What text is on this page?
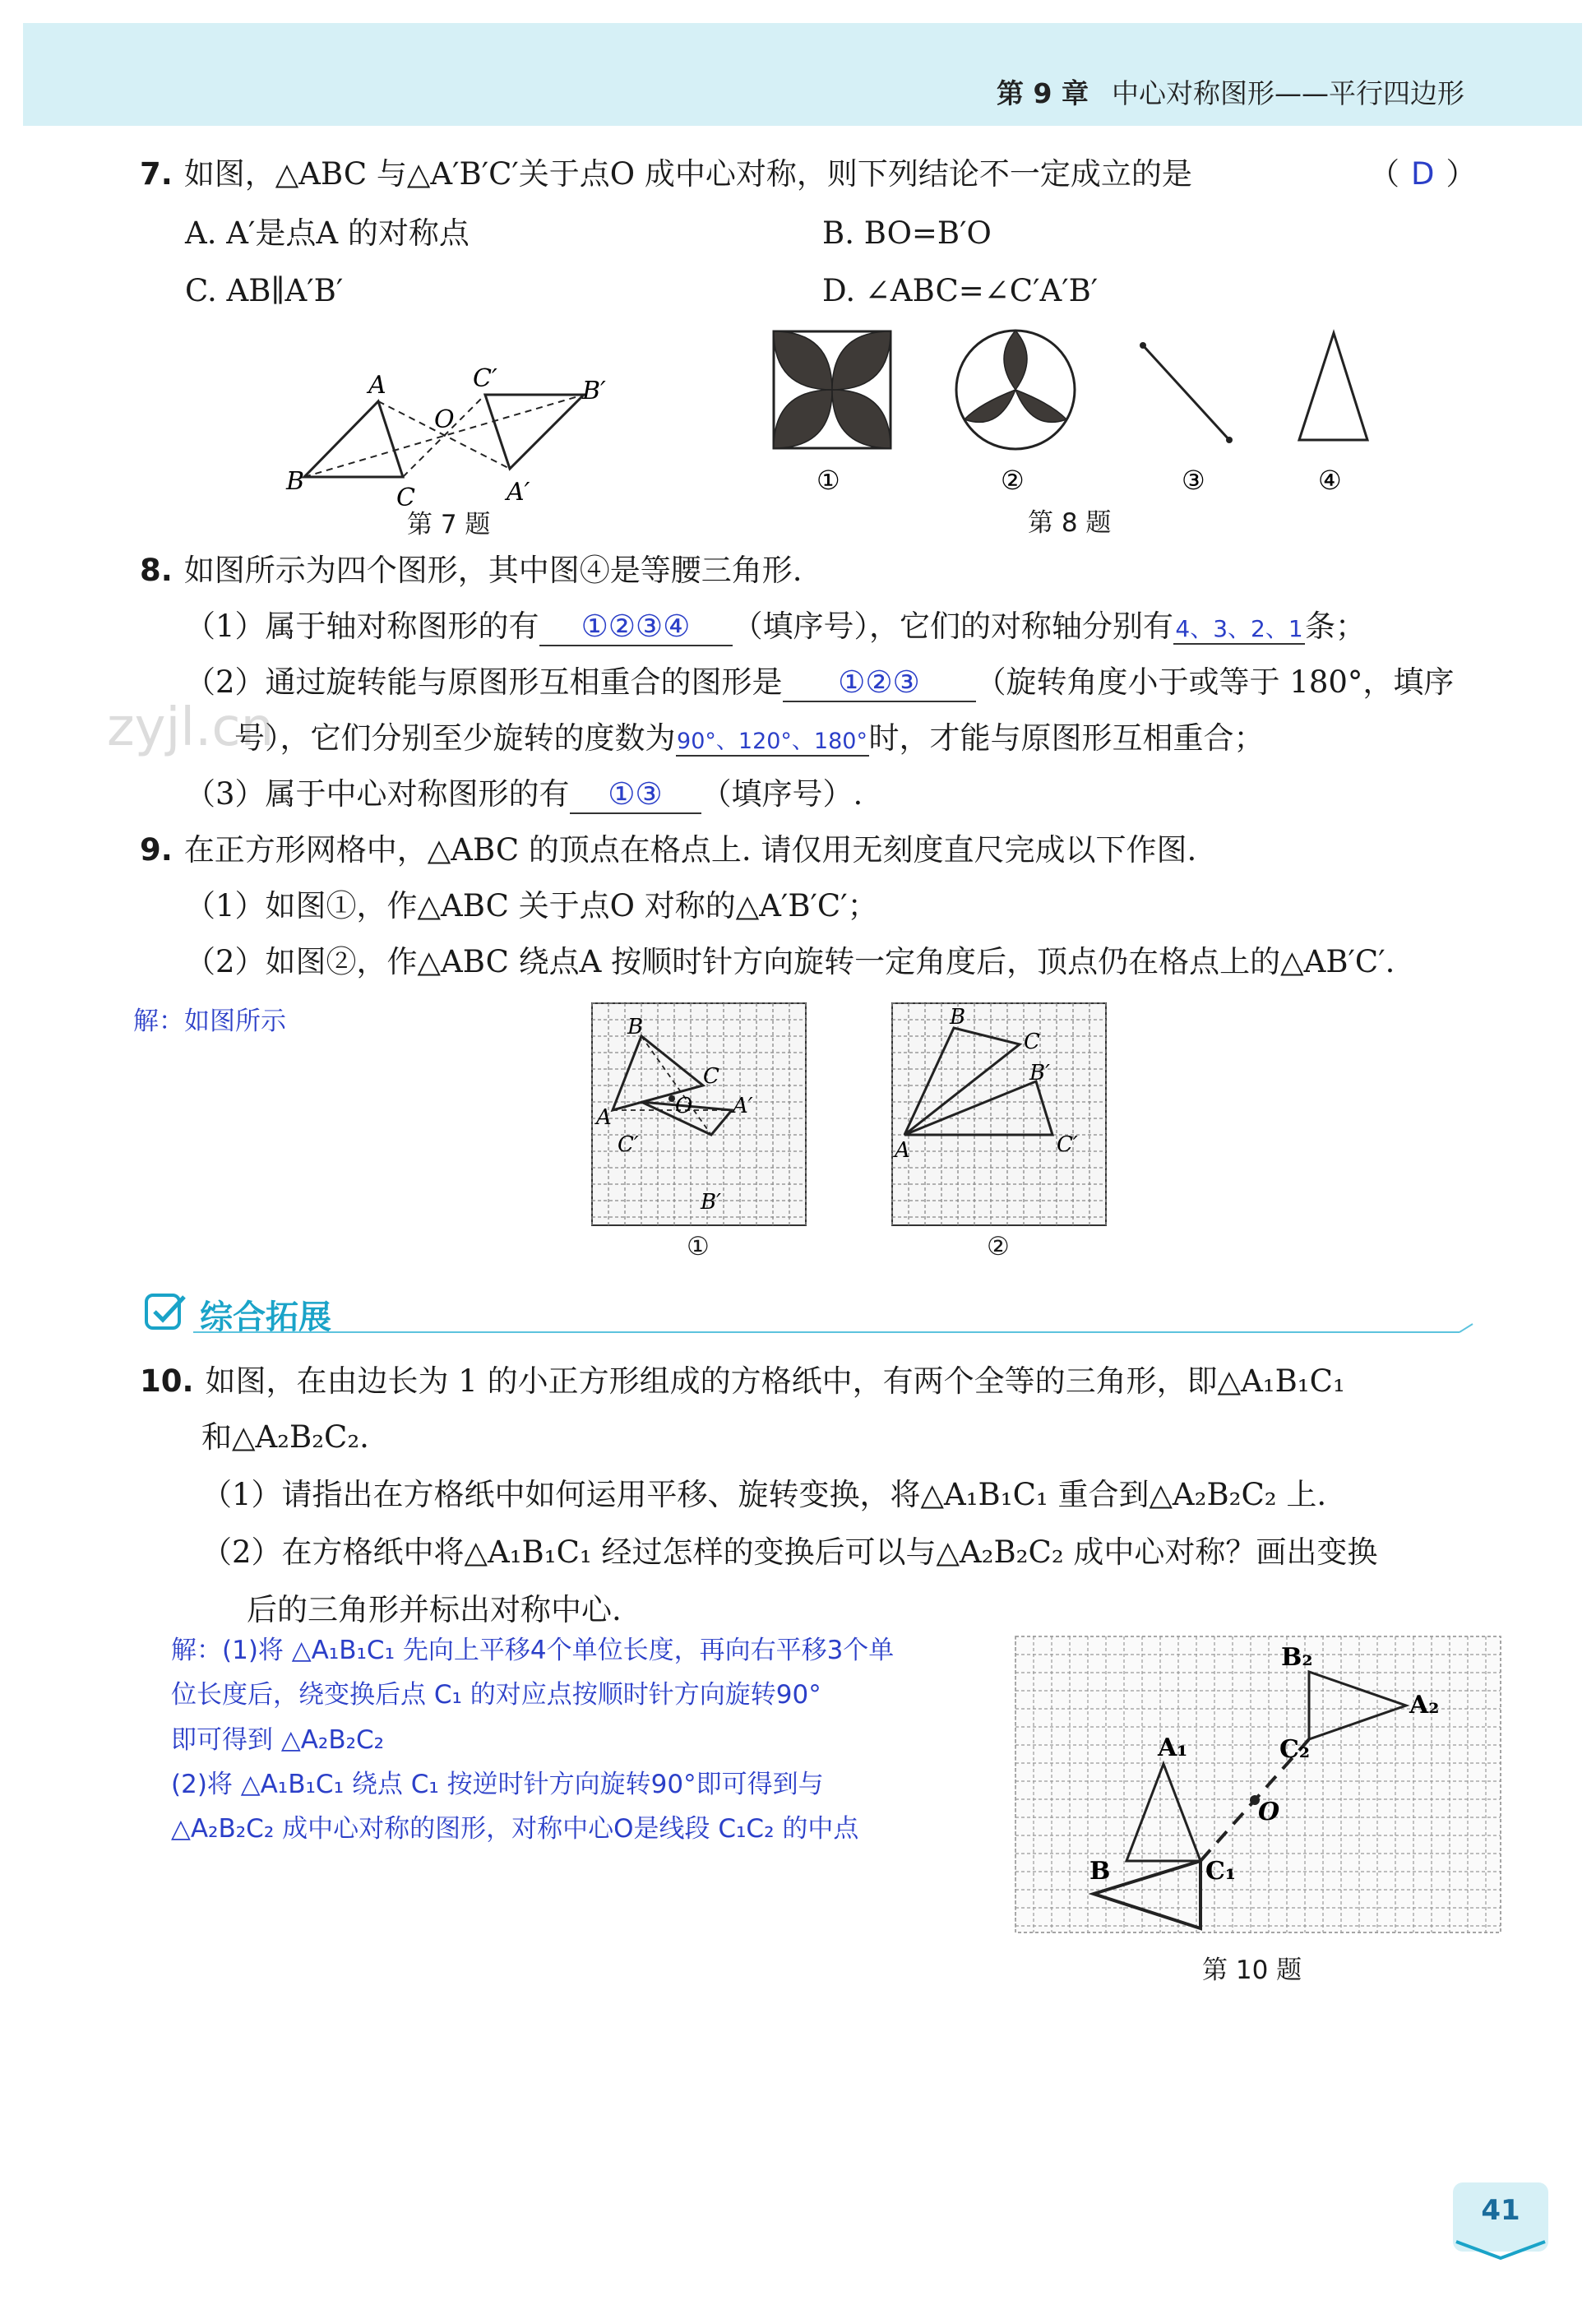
第 9 章 中心对称图形——平行四边形
7. 如图，△ABC 与△A′B′C′关于点O 成中心对称，则下列结论不一定成立的是	（ D ）
A. A′是点A 的对称点	B. BO=B′O
C. AB∥A′B′	D. ∠ABC=∠C′A′B′
A
B
C
O
A′
B′
C′
第 7 题
①	②	③	④
第 8 题
8. 如图所示为四个图形，其中图④是等腰三角形.
（1）属于轴对称图形的有 ①②③④ （填序号），它们的对称轴分别有4、3、2、1条；
（2）通过旋转能与原图形互相重合的图形是 ①②③ （旋转角度小于或等于 180°，填序
zyjl.cn
号），它们分别至少旋转的度数为90°、120°、180°时，才能与原图形互相重合；
（3）属于中心对称图形的有 ①③ （填序号）.
9. 在正方形网格中，△ABC 的顶点在格点上. 请仅用无刻度直尺完成以下作图.
（1）如图①，作△ABC 关于点O 对称的△A′B′C′；
（2）如图②，作△ABC 绕点A 按顺时针方向旋转一定角度后，顶点仍在格点上的△AB′C′.
解：如图所示	B
C
A	O A′
B′
C′
①
B
C
A
B′
C′
②
综合拓展
10. 如图，在由边长为 1 的小正方形组成的方格纸中，有两个全等的三角形，即△A₁B₁C₁
和△A₂B₂C₂.
（1）请指出在方格纸中如何运用平移、旋转变换，将△A₁B₁C₁ 重合到△A₂B₂C₂ 上.
（2）在方格纸中将△A₁B₁C₁ 经过怎样的变换后可以与△A₂B₂C₂ 成中心对称？画出变换
后的三角形并标出对称中心.
解：(1)将 △A₁B₁C₁ 先向上平移4个单位长度，再向右平移3个单
位长度后，绕变换后点 C₁ 的对应点按顺时针方向旋转90°
即可得到 △A₂B₂C₂
(2)将 △A₁B₁C₁ 绕点 C₁ 按逆时针方向旋转90°即可得到与
△A₂B₂C₂ 成中心对称的图形，对称中心O是线段 C₁C₂ 的中点
A₁
B	C₁
A₂
B₂
C₂
O
第 10 题
41
